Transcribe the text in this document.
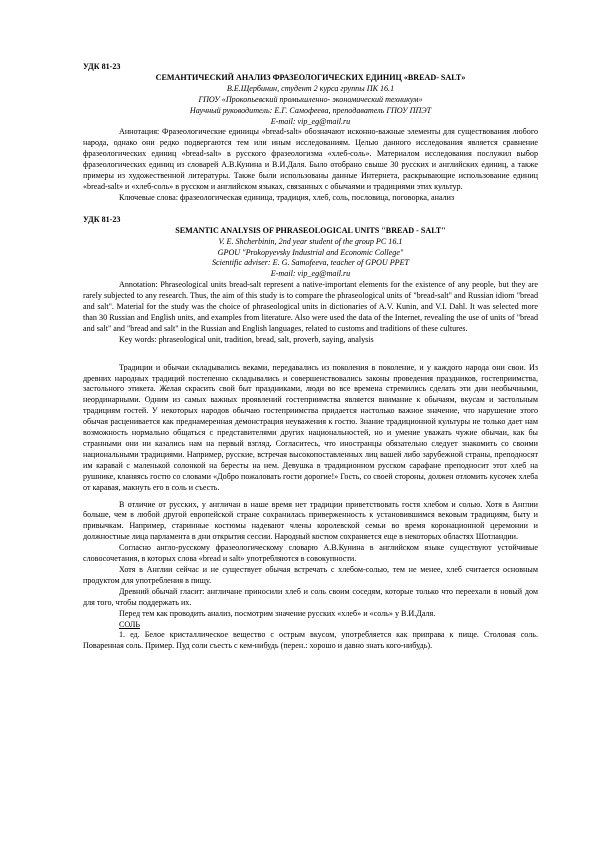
УДК 81-23

СЕМАНТИЧЕСКИЙ АНАЛИЗ ФРАЗЕОЛОГИЧЕСКИХ ЕДИНИЦ «BREAD- SALT»

В.Е.Щербинин, студент 2 курса группы ПК 16.1

ГПОУ «Прокопьевский промышленно- экономический техникум»

Научный руководитель: Е.Г. Самофеева, преподаватель ГПОУ ППЭТ

E-mail: vip_eg@mail.ru

Аннотация: Фразеологические единицы «bread-salt» обозначают исконно-важные элементы для существования любого народа, однако они редко подвергаются тем или иным исследованиям. Целью данного исследования является сравнение фразеологических единиц «bread-salt» в русского фразеологизма «хлеб-соль». Материалом исследования послужил выбор фразеологических единиц из словарей А.В.Кунина и В.И.Даля. Было отобрано свыше 30 русских и английских единиц, а также примеры из художественной литературы. Также были использованы данные Интернета, раскрывающие использование единиц «bread-salt» и «хлеб-соль» в русском и английском языках, связанных с обычаями и традициями этих культур.

Ключевые слова: фразеологическая единица, традиция, хлеб, соль, пословица, поговорка, анализ

УДК 81-23

SEMANTIC ANALYSIS OF PHRASEOLOGICAL UNITS "BREAD - SALT"

V. E. Shcherbinin, 2nd year student of the group PC 16.1

GPOU "Prokopyevsky Industrial and Economic College"

Scientific adviser: E. G. Samofeeva, teacher of GPOU PPET

E-mail: vip_eg@mail.ru

Annotation: Phraseological units bread-salt represent a native-important elements for the existence of any people, but they are rarely subjected to any research. Thus, the aim of this study is to compare the phraseological units of "bread-salt" and Russian idiom "bread and salt". Material for the study was the choice of phraseological units in dictionaries of A.V. Kunin, and V.I. Dahl. It was selected more than 30 Russian and English units, and examples from literature. Also were used the data of the Internet, revealing the use of units of "bread and salt" and "bread and salt" in the Russian and English languages, related to customs and traditions of these cultures.

Key words: phraseological unit, tradition, bread, salt, proverb, saying, analysis

Традиции и обычаи складывались веками, передавались из поколения в поколение, и у каждого народа они свои. Из древних народных традиций постепенно складывались и совершенствовались законы проведения праздников, гостеприимства, застольного этикета. Желая скрасить свой быт праздниками, люди во все времена стремились сделать эти дни необычными, неординарными. Одним из самых важных проявлений гостеприимства является внимание к обычаям, вкусам и застольным традициям гостей. У некоторых народов обычаю гостеприимства придается настолько важное значение, что нарушение этого обычая расценивается как преднамеренная демонстрация неуважения к гостю. Знание традиционной культуры не только дает нам возможность нормально общаться с представителями других национальностей, но и умение уважать чужие обычаи, как бы странными они ни казались нам на первый взгляд. Согласитесь, что иностранцы обязательно следует знакомить со своими национальными традициями. Например, русские, встречая высокопоставленных лиц вашей либо зарубежной страны, преподносят им каравай с маленькой солонкой на бересты на нем. Девушка в традиционном русском сарафане преподносит этот хлеб на рушнике, кланяясь гостю со словами «Добро пожаловать гости дорогие!» Гость, со своей стороны, должен отломить кусочек хлеба от каравая, макнуть его в соль и съесть.

В отличие от русских, у англичан в наше время нет традиции приветствовать гостя хлебом и солью. Хотя в Англии больше, чем в любой другой европейской стране сохранилась приверженность к установившимся вековым традициям, быту и привычкам. Например, старинные костюмы надевают члены королевской семьи во время коронационной церемонии и должностные лица парламента в дни открытия сессии. Народный костюм сохраняется еще в некоторых областях Шотландии.

Согласно англо-русскому фразеологическому словарю А.В.Кунина в английском языке существуют устойчивые словосочетания, в которых слова «bread и salt» употребляются в совокупности.

Хотя в Англии сейчас и не существует обычая встречать с хлебом-солью, тем не менее, хлеб считается основным продуктом для употребления в пищу.

Древний обычай гласит: англичане приносили хлеб и соль своим соседям, которые только что переехали в новый дом для того, чтобы поддержать их.

Перед тем как проводить анализ, посмотрим значение русских «хлеб» и «соль» у В.И.Даля.

СОЛЬ

1. ед. Белое кристаллическое вещество с острым вкусом, употребляется как приправа к пище. Столовая соль. Поваренная соль. Пример. Пуд соли съесть с кем-нибудь (перен.: хорошо и давно знать кого-нибудь).
